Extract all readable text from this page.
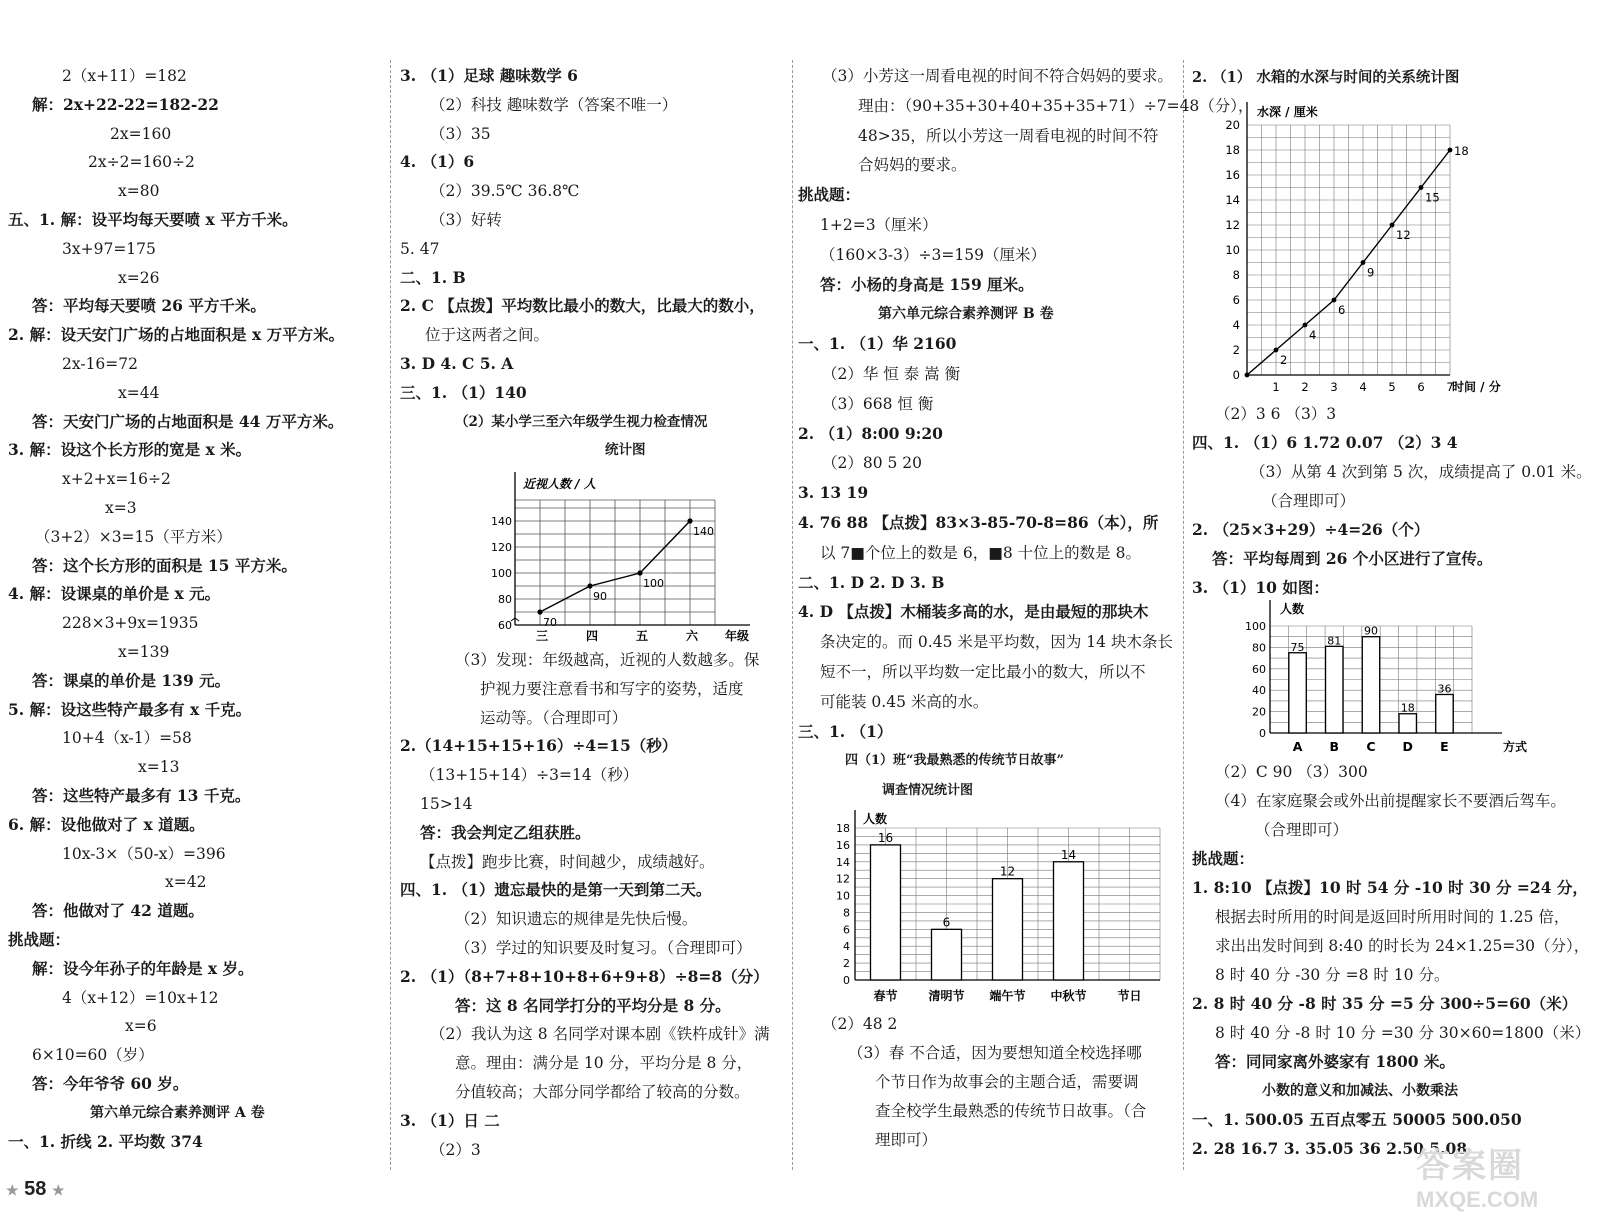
2（x+11）=182
解：2x+22-22=182-22
2x=160
2x÷2=160÷2
x=80
五、1. 解：设平均每天要喷 x 平方千米。
3x+97=175
x=26
答：平均每天要喷 26 平方千米。
2. 解：设天安门广场的占地面积是 x 万平方米。
2x-16=72
x=44
答：天安门广场的占地面积是 44 万平方米。
3. 解：设这个长方形的宽是 x 米。
x+2+x=16÷2
x=3
（3+2）×3=15（平方米）
答：这个长方形的面积是 15 平方米。
4. 解：设课桌的单价是 x 元。
228×3+9x=1935
x=139
答：课桌的单价是 139 元。
5. 解：设这些特产最多有 x 千克。
10+4（x-1）=58
x=13
答：这些特产最多有 13 千克。
6. 解：设他做对了 x 道题。
10x-3×（50-x）=396
x=42
答：他做对了 42 道题。
挑战题：
解：设今年孙子的年龄是 x 岁。
4（x+12）=10x+12
x=6
6×10=60（岁）
答：今年爷爷 60 岁。
第六单元综合素养测评 A 卷
一、1. 折线 2. 平均数 374
3. （1）足球 趣味数学 6
（2）科技 趣味数学（答案不唯一）
（3）35
4. （1）6
（2）39.5℃ 36.8℃
（3）好转
5. 47
二、1. B
2. C 【点拨】平均数比最小的数大，比最大的数小，
位于这两者之间。
3. D 4. C 5. A
三、1. （1）140
（2）某小学三至六年级学生视力检查情况
统计图
（3）发现：年级越高，近视的人数越多。保
护视力要注意看书和写字的姿势，适度
运动等。（合理即可）
2.（14+15+15+16）÷4=15（秒）
（13+15+14）÷3=14（秒）
15>14
答：我会判定乙组获胜。
【点拨】跑步比赛，时间越少，成绩越好。
四、1. （1）遗忘最快的是第一天到第二天。
（2）知识遗忘的规律是先快后慢。
（3）学过的知识要及时复习。（合理即可）
2. （1）（8+7+8+10+8+6+9+8）÷8=8（分）
答：这 8 名同学打分的平均分是 8 分。
（2）我认为这 8 名同学对课本剧《铁杵成针》满
意。理由：满分是 10 分，平均分是 8 分，
分值较高；大部分同学都给了较高的分数。
3. （1）日 二
（2）3
（3）小芳这一周看电视的时间不符合妈妈的要求。
理由：（90+35+30+40+35+35+71）÷7=48（分），
48>35，所以小芳这一周看电视的时间不符
合妈妈的要求。
挑战题：
1+2=3（厘米）
（160×3-3）÷3=159（厘米）
答：小杨的身高是 159 厘米。
第六单元综合素养测评 B 卷
一、1. （1）华 2160
（2）华 恒 泰 嵩 衡
（3）668 恒 衡
2. （1）8:00 9:20
（2）80 5 20
3. 13 19
4. 76 88 【点拨】83×3-85-70-8=86（本），所
以 7■个位上的数是 6，■8 十位上的数是 8。
二、1. D 2. D 3. B
4. D 【点拨】木桶装多高的水，是由最短的那块木
条决定的。而 0.45 米是平均数，因为 14 块木条长
短不一，所以平均数一定比最小的数大，所以不
可能装 0.45 米高的水。
三、1. （1）
四（1）班“我最熟悉的传统节日故事”
调查情况统计图
（2）48 2
（3）春 不合适，因为要想知道全校选择哪
个节日作为故事会的主题合适，需要调
查全校学生最熟悉的传统节日故事。（合
理即可）
2. （1） 水箱的水深与时间的关系统计图
（2）3 6 （3）3
四、1. （1）6 1.72 0.07 （2）3 4
（3）从第 4 次到第 5 次，成绩提高了 0.01 米。
（合理即可）
2. （25×3+29）÷4=26（个）
答：平均每周到 26 个小区进行了宣传。
3. （1）10 如图：
（2）C 90 （3）300
（4）在家庭聚会或外出前提醒家长不要酒后驾车。
（合理即可）
挑战题：
1. 8:10 【点拨】10 时 54 分 -10 时 30 分 =24 分，
根据去时所用的时间是返回时所用时间的 1.25 倍，
求出出发时间到 8:40 的时长为 24×1.25=30（分），
8 时 40 分 -30 分 =8 时 10 分。
2. 8 时 40 分 -8 时 35 分 =5 分 300÷5=60（米）
8 时 40 分 -8 时 10 分 =30 分 30×60=1800（米）
答：同同家离外婆家有 1800 米。
小数的意义和加减法、小数乘法
一、1. 500.05 五百点零五 50005 500.050
2. 28 16.7 3. 35.05 36 2.50 5.08
近视人数 / 人
年级
60
80
100
120
140
三	四	五	六
70
90
100
140
人数
0
2
4
6
8
10
12
14
16
18
春节	清明节 端午节 中秋节	节日
16
6
12
14
水深 / 厘米
时间 / 分
0
2
4
6
8
10
12
14
16
18
20
1 2 3 4 5 6 7
2
4
6
9
12
15
18
人数
方式
0
20
40
60
80
100
A B C D E
75 81
90
18
36
★ 58 ★
答案圈
MXQE.COM
